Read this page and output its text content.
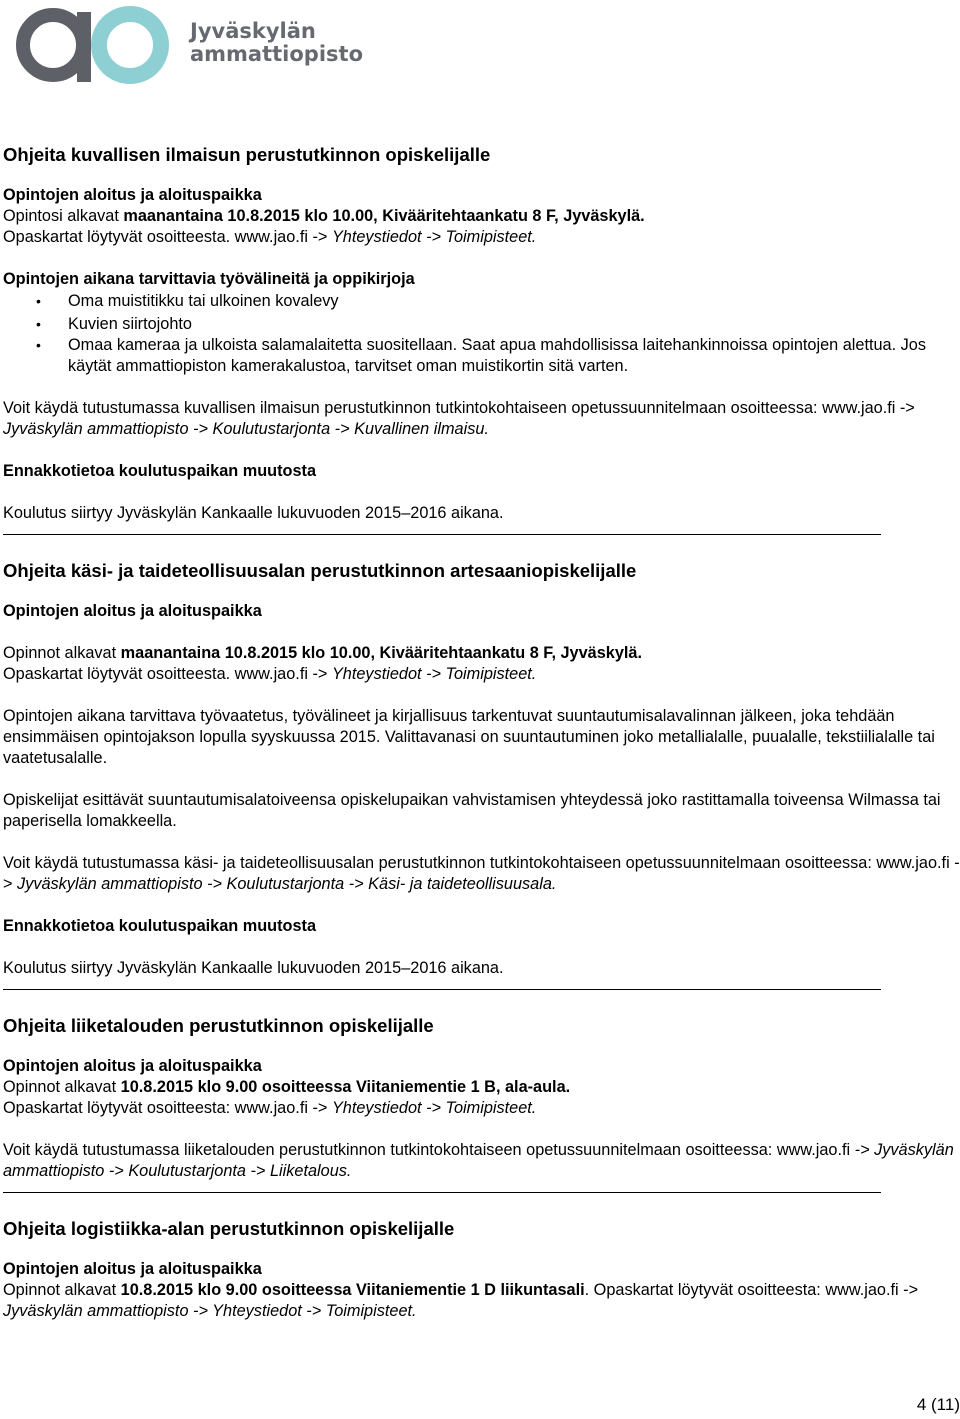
Jyväskylän
ammattiopisto
Ohjeita kuvallisen ilmaisun perustutkinnon opiskelijalle
Opintojen aloitus ja aloituspaikka

Opintosi alkavat maanantaina 10.8.2015 klo 10.00, Kivääritehtaankatu 8 F, Jyväskylä.

Opaskartat löytyvät osoitteesta. www.jao.fi -> Yhteystiedot -> Toimipisteet.

Opintojen aikana tarvittavia työvälineitä ja oppikirjoja
• Oma muistitikku tai ulkoinen kovalevy
• Kuvien siirtojohto
• Omaa kameraa ja ulkoista salamalaitetta suositellaan. Saat apua mahdollisissa laitehankinnoissa opintojen alettua. Jos käytät ammattiopiston kamerakalustoa, tarvitset oman muistikortin sitä varten.

Voit käydä tutustumassa kuvallisen ilmaisun perustutkinnon tutkintokohtaiseen opetussuunnitelmaan osoitteessa: www.jao.fi -> Jyväskylän ammattiopisto -> Koulutustarjonta -> Kuvallinen ilmaisu.

Ennakkotietoa koulutuspaikan muutosta

Koulutus siirtyy Jyväskylän Kankaalle lukuvuoden 2015–2016 aikana.

Ohjeita käsi- ja taideteollisuusalan perustutkinnon artesaaniopiskelijalle
Opintojen aloitus ja aloituspaikka

Opinnot alkavat maanantaina 10.8.2015 klo 10.00, Kivääritehtaankatu 8 F, Jyväskylä.

Opaskartat löytyvät osoitteesta. www.jao.fi -> Yhteystiedot -> Toimipisteet.

Opintojen aikana tarvittava työvaatetus, työvälineet ja kirjallisuus tarkentuvat suuntautumisalavalinnan jälkeen, joka tehdään ensimmäisen opintojakson lopulla syyskuussa 2015. Valittavanasi on suuntautuminen joko metallialalle, puualalle, tekstiilialalle tai vaatetusalalle.

Opiskelijat esittävät suuntautumisalatoiveensa opiskelupaikan vahvistamisen yhteydessä joko rastittamalla toiveensa Wilmassa tai paperisella lomakkeella.

Voit käydä tutustumassa käsi- ja taideteollisuusalan perustutkinnon tutkintokohtaiseen opetussuunnitelmaan osoitteessa: www.jao.fi -> Jyväskylän ammattiopisto -> Koulutustarjonta -> Käsi- ja taideteollisuusala.

Ennakkotietoa koulutuspaikan muutosta

Koulutus siirtyy Jyväskylän Kankaalle lukuvuoden 2015–2016 aikana.

Ohjeita liiketalouden perustutkinnon opiskelijalle
Opintojen aloitus ja aloituspaikka

Opinnot alkavat 10.8.2015 klo 9.00 osoitteessa Viitaniementie 1 B, ala-aula.

Opaskartat löytyvät osoitteesta: www.jao.fi -> Yhteystiedot -> Toimipisteet.

Voit käydä tutustumassa liiketalouden perustutkinnon tutkintokohtaiseen opetussuunnitelmaan osoitteessa: www.jao.fi -> Jyväskylän ammattiopisto -> Koulutustarjonta -> Liiketalous.

Ohjeita logistiikka-alan perustutkinnon opiskelijalle
Opintojen aloitus ja aloituspaikka

Opinnot alkavat 10.8.2015 klo 9.00 osoitteessa Viitaniementie 1 D liikuntasali. Opaskartat löytyvät osoitteesta: www.jao.fi -> Jyväskylän ammattiopisto -> Yhteystiedot -> Toimipisteet.

4 (11)
